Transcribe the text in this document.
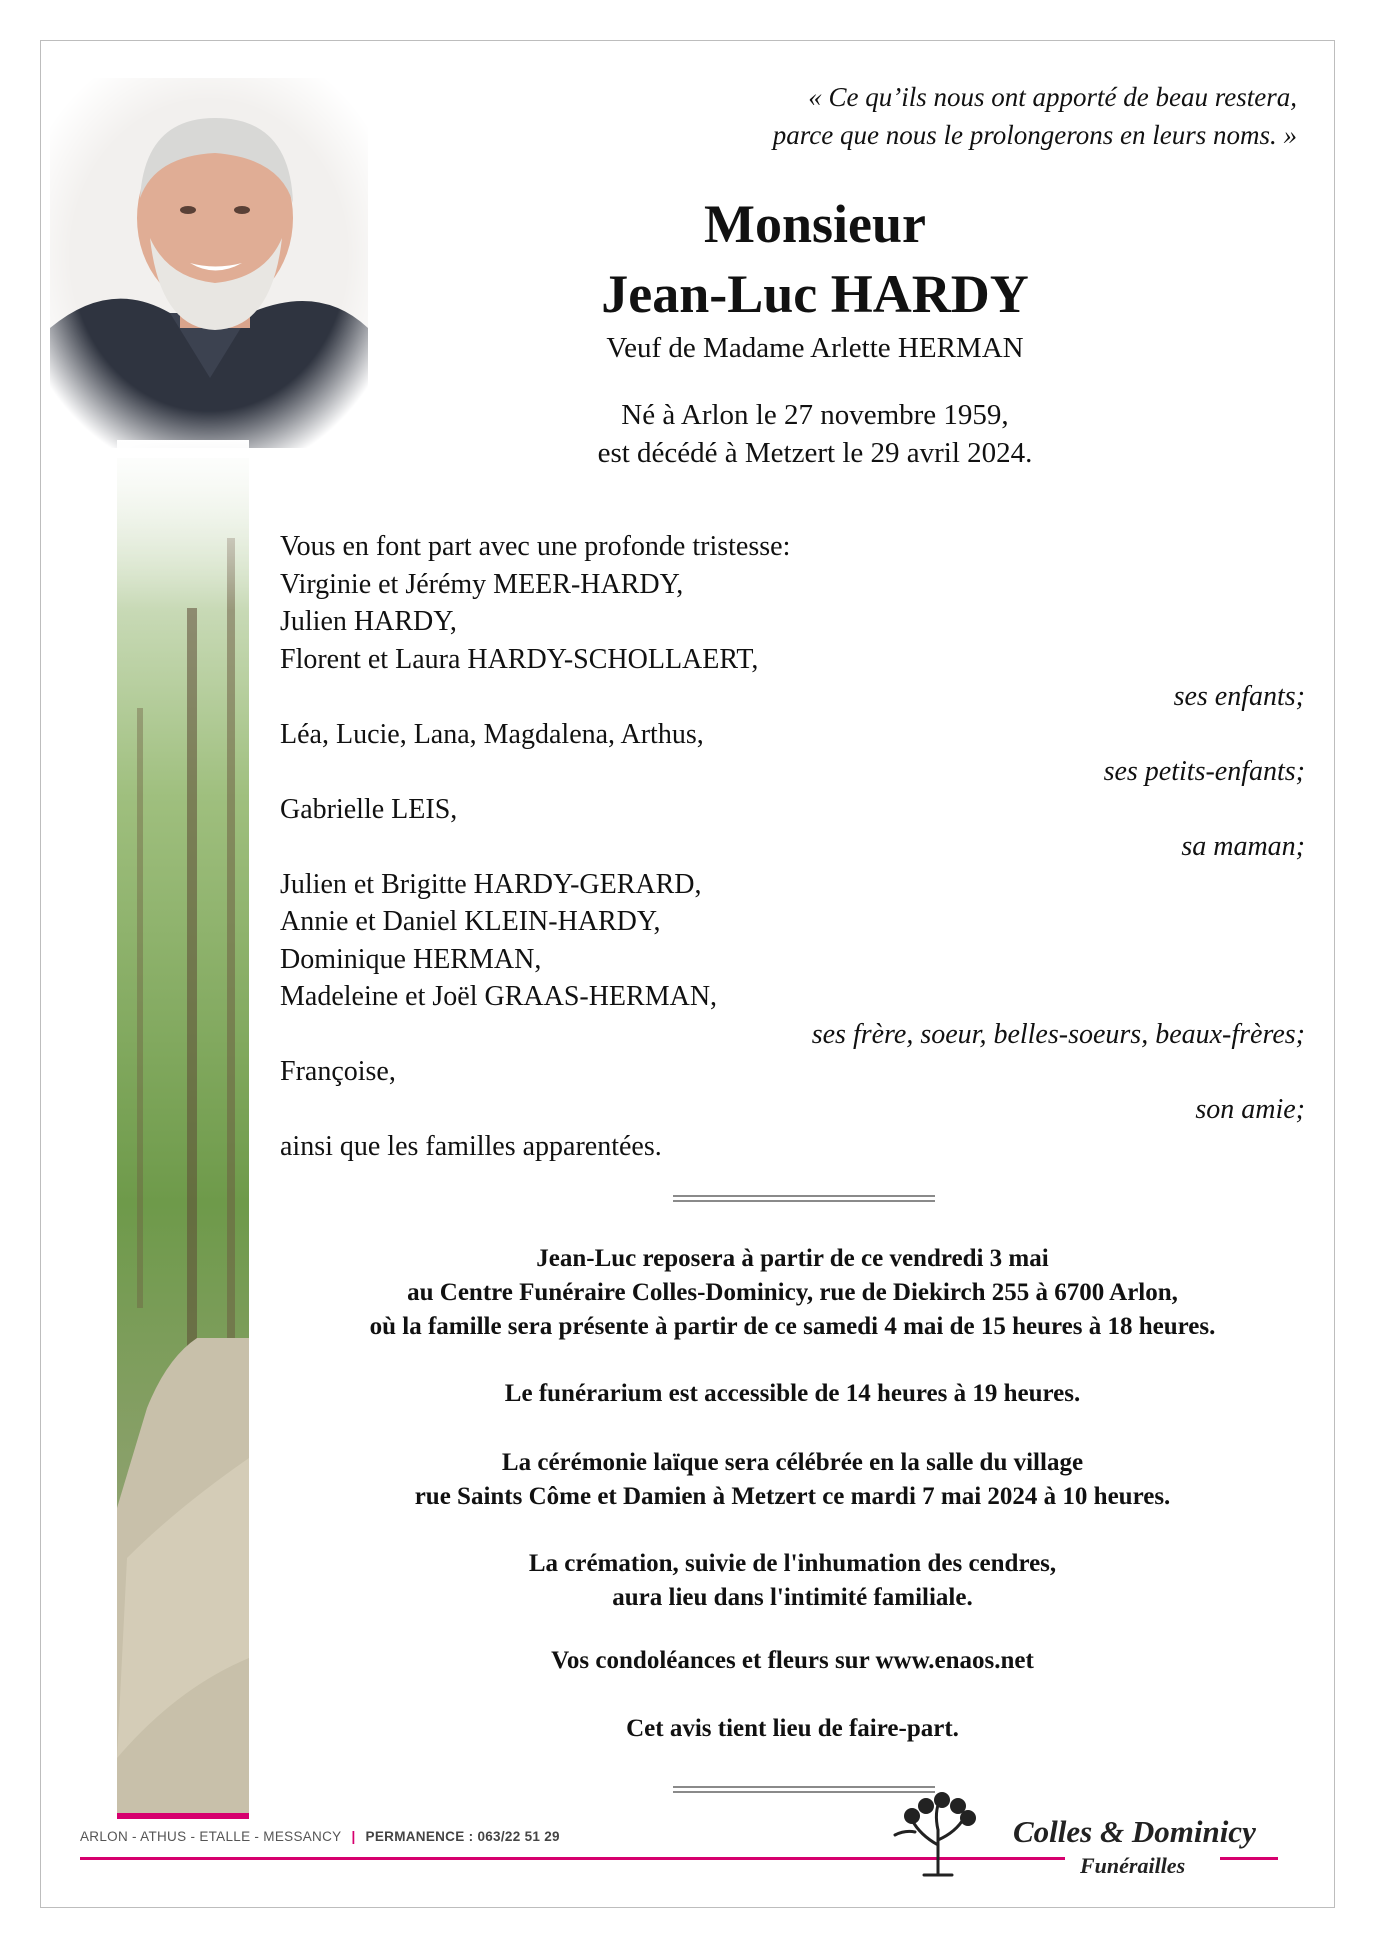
« Ce qu’ils nous ont apporté de beau restera,
parce que nous le prolongerons en leurs noms. »
Monsieur
Jean-Luc HARDY
Veuf de Madame Arlette HERMAN
Né à Arlon le 27 novembre 1959,
est décédé à Metzert le 29 avril 2024.
Vous en font part avec une profonde tristesse:
Virginie et Jérémy MEER-HARDY,
Julien HARDY,
Florent et Laura HARDY-SCHOLLAERT,
ses enfants;
Léa, Lucie, Lana, Magdalena, Arthus,
ses petits-enfants;
Gabrielle LEIS,
sa maman;
Julien et Brigitte HARDY-GERARD,
Annie et Daniel KLEIN-HARDY,
Dominique HERMAN,
Madeleine et Joël GRAAS-HERMAN,
ses frère, soeur, belles-soeurs, beaux-frères;
Françoise,
son amie;
ainsi que les familles apparentées.
Jean-Luc reposera à partir de ce vendredi 3 mai
au Centre Funéraire Colles-Dominicy, rue de Diekirch 255 à 6700 Arlon,
où la famille sera présente à partir de ce samedi 4 mai de 15 heures à 18 heures.
Le funérarium est accessible de 14 heures à 19 heures.
La cérémonie laïque sera célébrée en la salle du village
rue Saints Côme et Damien à Metzert ce mardi 7 mai 2024 à 10 heures.
La crémation, suivie de l'inhumation des cendres,
aura lieu dans l'intimité familiale.
Vos condoléances et fleurs sur www.enaos.net
Cet avis tient lieu de faire-part.
ARLON - ATHUS - ETALLE - MESSANCY | PERMANENCE : 063/22 51 29	Colles & Dominicy
Funérailles
